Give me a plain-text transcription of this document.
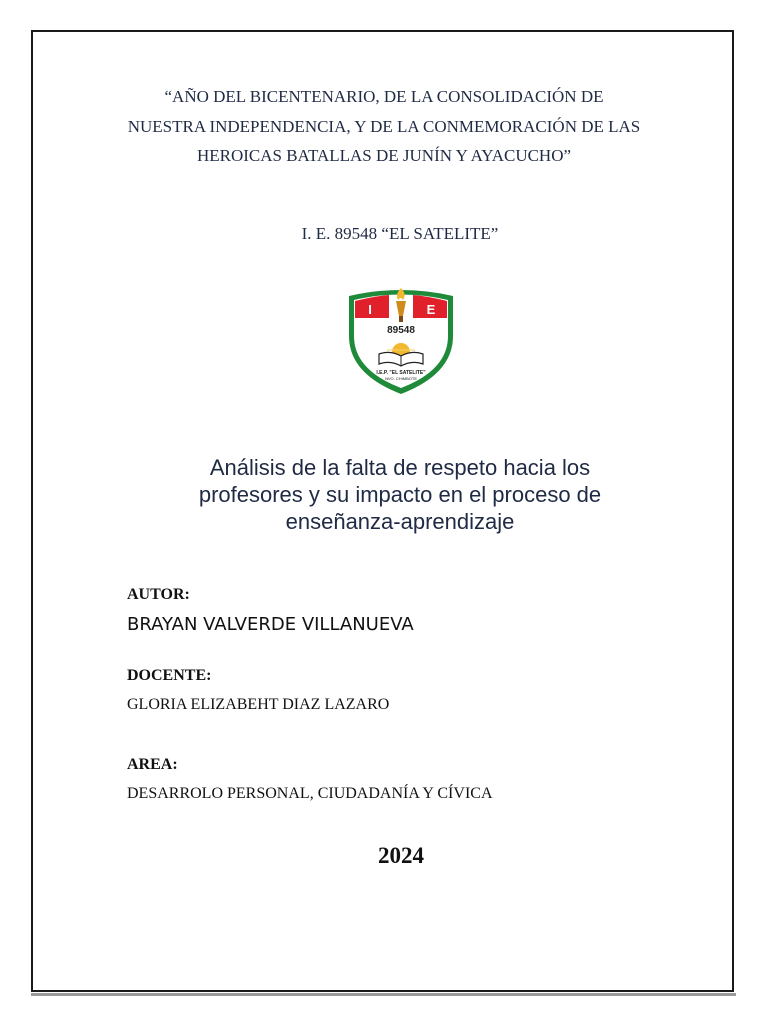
“AÑO DEL BICENTENARIO, DE LA CONSOLIDACIÓN DE
NUESTRA INDEPENDENCIA, Y DE LA CONMEMORACIÓN DE LAS
HEROICAS BATALLAS DE JUNÍN Y AYACUCHO”
I. E. 89548 “EL SATELITE”
I	E
89548
I.E.P. "EL SATELITE"
NVO. CHIMBOTE
Análisis de la falta de respeto hacia los
profesores y su impacto en el proceso de
enseñanza-aprendizaje
AUTOR:
BRAYAN VALVERDE VILLANUEVA
DOCENTE:
GLORIA ELIZABEHT DIAZ LAZARO
AREA:
DESARROLO PERSONAL, CIUDADANÍA Y CÍVICA
2024
